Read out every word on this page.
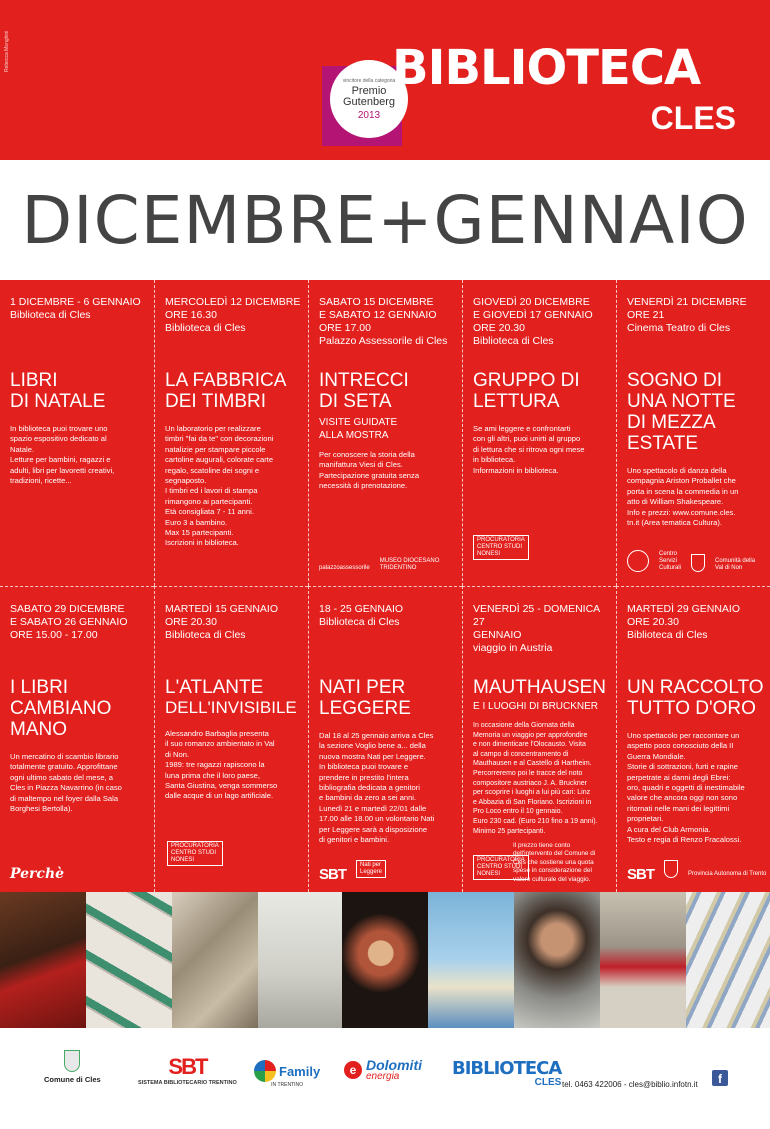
Rebecca Menghini
vincitore della categoria
Premio
Gutenberg
2013
BIBLIOTECA
CLES
DICEMBRE+GENNAIO
1 DICEMBRE - 6 GENNAIO
Biblioteca di Cles
LIBRI
DI NATALE
In biblioteca puoi trovare uno
spazio espositivo dedicato al
Natale.
Letture per bambini, ragazzi e
adulti, libri per lavoretti creativi,
tradizioni, ricette...
MERCOLEDÌ 12 DICEMBRE
ORE 16.30
Biblioteca di Cles
LA FABBRICA
DEI TIMBRI
Un laboratorio per realizzare
timbri "fai da te" con decorazioni
natalizie per stampare piccole
cartoline augurali, colorate carte
regalo, scatoline dei sogni e
segnaposto.
I timbri ed i lavori di stampa
rimangono ai partecipanti.
Età consigliata 7 - 11 anni.
Euro 3 a bambino.
Max 15 partecipanti.
Iscrizioni in biblioteca.
SABATO 15 DICEMBRE
E SABATO 12 GENNAIO
ORE 17.00
Palazzo Assessorile di Cles
INTRECCI
DI SETA
VISITE GUIDATE
ALLA MOSTRA
Per conoscere la storia della
manifattura Viesi di Cles.
Partecipazione gratuita senza
necessità di prenotazione.
palazzoassessorile
MUSEO DIOCESANO
TRIDENTINO
GIOVEDÌ 20 DICEMBRE
E GIOVEDÌ 17 GENNAIO
ORE 20.30
Biblioteca di Cles
GRUPPO DI
LETTURA
Se ami leggere e confrontarti
con gli altri, puoi unirti al gruppo
di lettura che si ritrova ogni mese
in biblioteca.
Informazioni in biblioteca.
PROCURATORIA
CENTRO STUDI
NONESI
VENERDÌ 21 DICEMBRE
ORE 21
Cinema Teatro di Cles
SOGNO DI
UNA NOTTE
DI MEZZA
ESTATE
Uno spettacolo di danza della
compagnia Ariston Proballet che
porta in scena la commedia in un
atto di William Shakespeare.
Info e prezzi: www.comune.cles.
tn.it (Area tematica Cultura).
Centro
Servizi
Culturali
Comunità della
Val di Non
SABATO 29 DICEMBRE
E SABATO 26 GENNAIO
ORE 15.00 - 17.00
I LIBRI
CAMBIANO
MANO
Un mercatino di scambio librario
totalmente gratuito. Approfittane
ogni ultimo sabato del mese, a
Cles in Piazza Navarrino (in caso
di maltempo nel foyer dalla Sala
Borghesi Bertolla).
Perchè
MARTEDÌ 15 GENNAIO
ORE 20.30
Biblioteca di Cles
L'ATLANTE
DELL'INVISIBILE
Alessandro Barbaglia presenta
il suo romanzo ambientato in Val
di Non.
1989: tre ragazzi rapiscono la
luna prima che il loro paese,
Santa Giustina, venga sommerso
dalle acque di un lago artificiale.
PROCURATORIA
CENTRO STUDI
NONESI
18 - 25 GENNAIO
Biblioteca di Cles
NATI PER
LEGGERE
Dal 18 al 25 gennaio arriva a Cles
la sezione Voglio bene a... della
nuova mostra Nati per Leggere.
In biblioteca puoi trovare e
prendere in prestito l'intera
bibliografia dedicata a genitori
e bambini da zero a sei anni.
Lunedì 21 e martedì 22/01 dalle
17.00 alle 18.00 un volontario Nati
per Leggere sarà a disposizione
di genitori e bambini.
SBT
Nati per
Leggere
VENERDÌ 25 - DOMENICA 27
GENNAIO
viaggio in Austria
MAUTHAUSEN
E I LUOGHI DI BRUCKNER
In occasione della Giornata della
Memoria un viaggio per approfondire
e non dimenticare l'Olocausto. Visita
al campo di concentramento di
Mauthausen e al Castello di Hartheim.
Percorreremo poi le tracce del noto
compositore austriaco J. A. Bruckner
per scoprire i luoghi a lui più cari: Linz
e Abbazia di San Floriano. Iscrizioni in
Pro Loco entro il 10 gennaio.
Euro 230 cad. (Euro 210 fino a 19 anni).
Minimo 25 partecipanti.
PROCURATORIA
CENTRO STUDI
NONESI
Il prezzo tiene conto
dell'intervento del Comune di
Cles che sostiene una quota
spese in considerazione del
valore culturale del viaggio.
MARTEDÌ 29 GENNAIO
ORE 20.30
Biblioteca di Cles
UN RACCOLTO
TUTTO D'ORO
Uno spettacolo per raccontare un
aspetto poco conosciuto della II
Guerra Mondiale.
Storie di sottrazioni, furti e rapine
perpetrate ai danni degli Ebrei:
oro, quadri e oggetti di inestimabile
valore che ancora oggi non sono
ritornati nelle mani dei legittimi
proprietari.
A cura del Club Armonia.
Testo e regia di Renzo Fracalossi.
SBT	Provincia Autonoma di Trento
Comune di Cles
SBT
SISTEMA BIBLIOTECARIO TRENTINO
Family
IN TRENTINO
e Dolomiti
energia	BIBLIOTECA
CLES tel. 0463 422006 - cles@biblio.infotn.it	f
